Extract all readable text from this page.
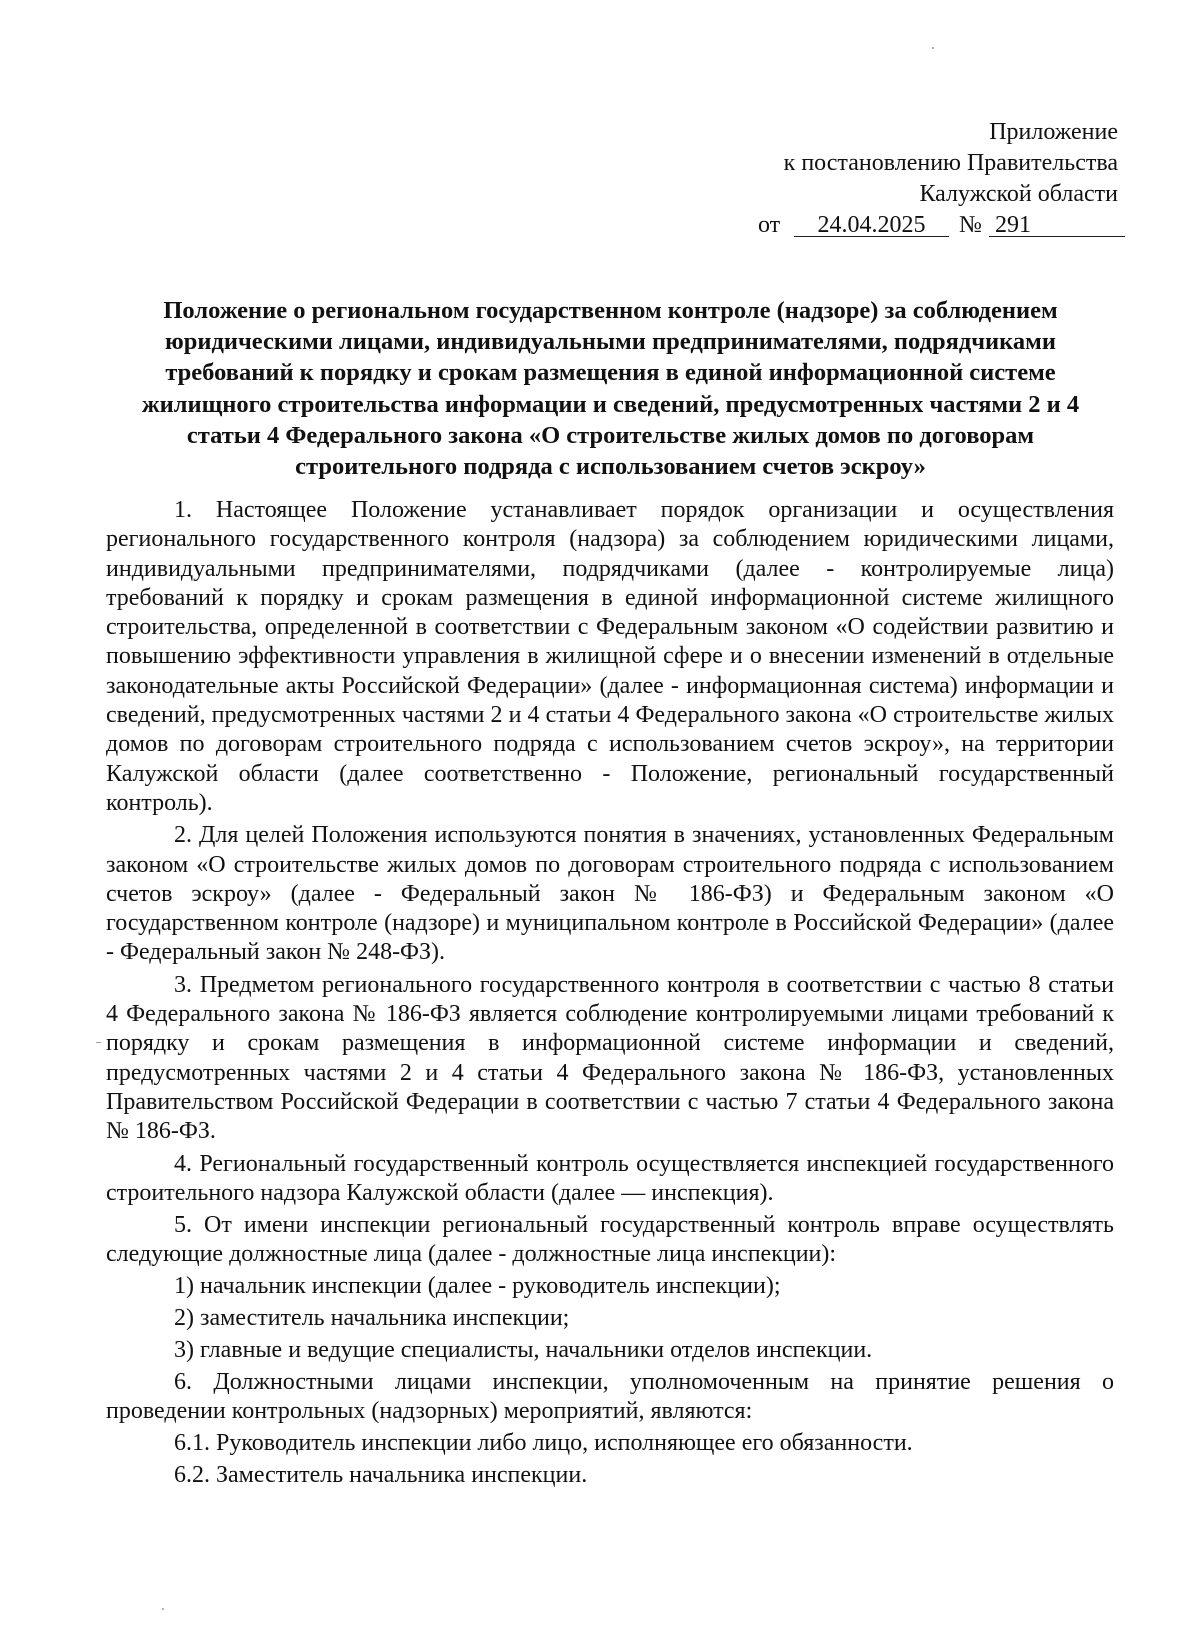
Приложение
к постановлению Правительства
Калужской области
от 24.04.2025 № 291
Положение о региональном государственном контроле (надзоре) за соблюдением юридическими лицами, индивидуальными предпринимателями, подрядчиками требований к порядку и срокам размещения в единой информационной системе жилищного строительства информации и сведений, предусмотренных частями 2 и 4 статьи 4 Федерального закона «О строительстве жилых домов по договорам строительного подряда с использованием счетов эскроу»

1. Настоящее Положение устанавливает порядок организации и осуществления регионального государственного контроля (надзора) за соблюдением юридическими лицами, индивидуальными предпринимателями, подрядчиками (далее - контролируемые лица) требований к порядку и срокам размещения в единой информационной системе жилищного строительства, определенной в соответствии с Федеральным законом «О содействии развитию и повышению эффективности управления в жилищной сфере и о внесении изменений в отдельные законодательные акты Российской Федерации» (далее - информационная система) информации и сведений, предусмотренных частями 2 и 4 статьи 4 Федерального закона «О строительстве жилых домов по договорам строительного подряда с использованием счетов эскроу», на территории Калужской области (далее соответственно - Положение, региональный государственный контроль).

2. Для целей Положения используются понятия в значениях, установленных Федеральным законом «О строительстве жилых домов по договорам строительного подряда с использованием счетов эскроу» (далее - Федеральный закон № 186-ФЗ) и Федеральным законом «О государственном контроле (надзоре) и муниципальном контроле в Российской Федерации» (далее - Федеральный закон № 248-ФЗ).

3. Предметом регионального государственного контроля в соответствии с частью 8 статьи 4 Федерального закона № 186-ФЗ является соблюдение контролируемыми лицами требований к порядку и срокам размещения в информационной системе информации и сведений, предусмотренных частями 2 и 4 статьи 4 Федерального закона № 186-ФЗ, установленных Правительством Российской Федерации в соответствии с частью 7 статьи 4 Федерального закона № 186-ФЗ.

4. Региональный государственный контроль осуществляется инспекцией государственного строительного надзора Калужской области (далее — инспекция).

5. От имени инспекции региональный государственный контроль вправе осуществлять следующие должностные лица (далее - должностные лица инспекции):

1) начальник инспекции (далее - руководитель инспекции);

2) заместитель начальника инспекции;

3) главные и ведущие специалисты, начальники отделов инспекции.

6. Должностными лицами инспекции, уполномоченным на принятие решения о проведении контрольных (надзорных) мероприятий, являются:

6.1. Руководитель инспекции либо лицо, исполняющее его обязанности.

6.2. Заместитель начальника инспекции.
